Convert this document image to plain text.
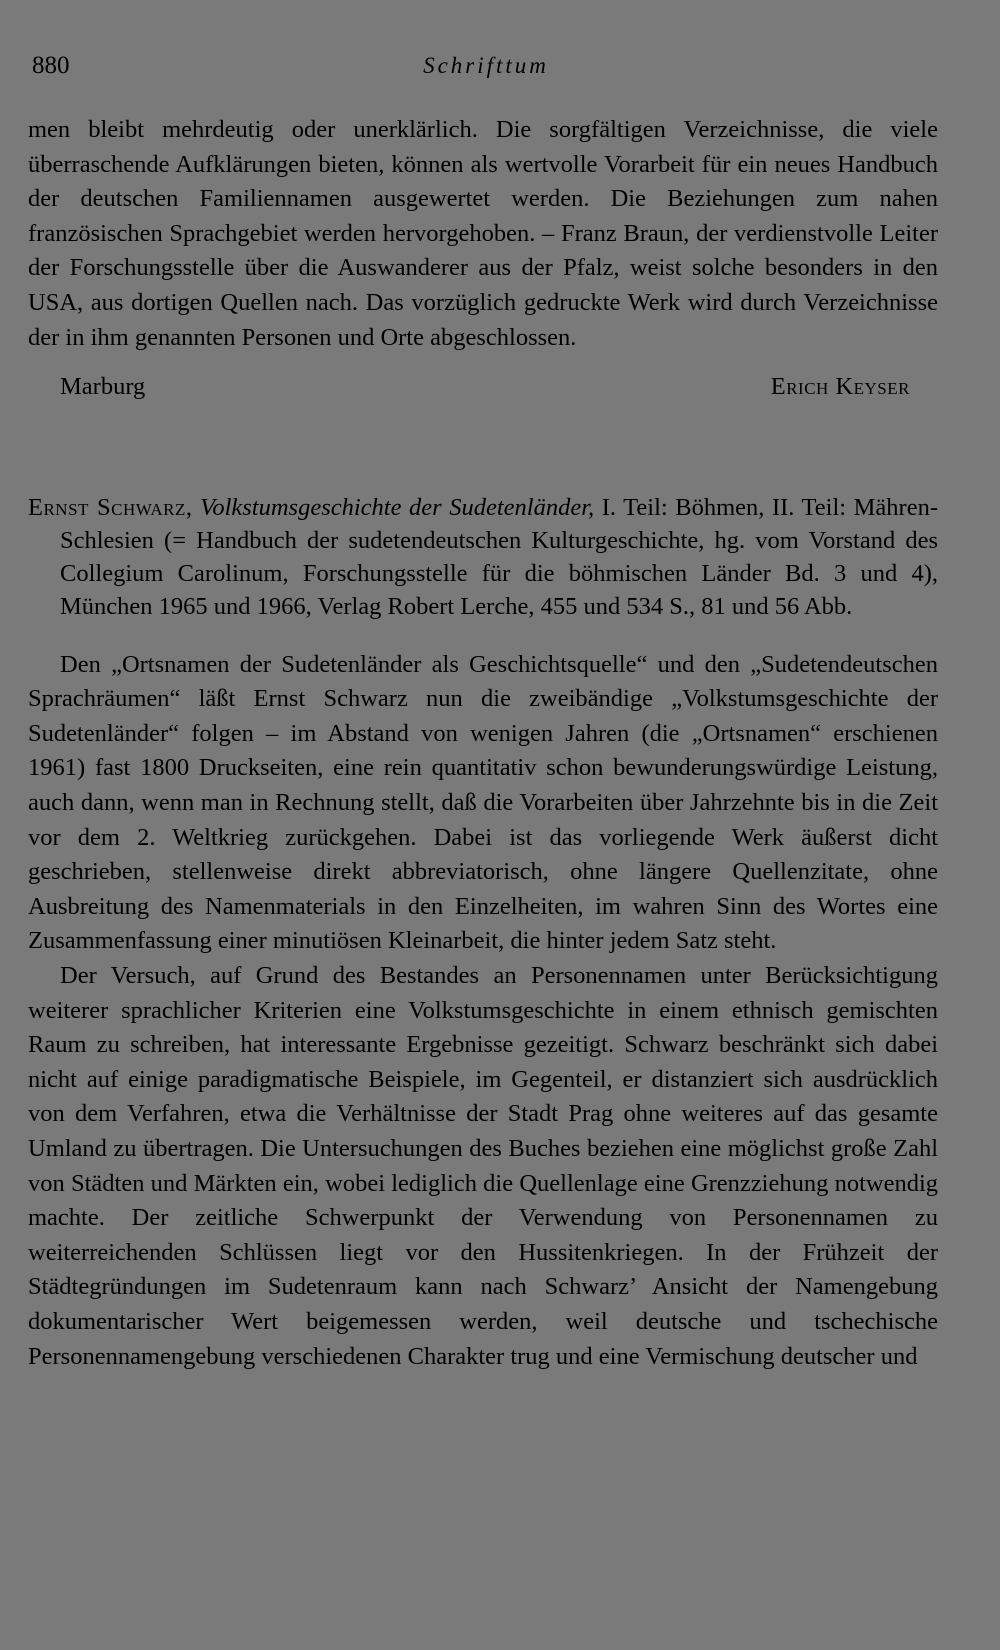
880	Schrifttum

men bleibt mehrdeutig oder unerklärlich. Die sorgfältigen Verzeichnisse, die viele überraschende Aufklärungen bieten, können als wertvolle Vorarbeit für ein neues Handbuch der deutschen Familiennamen ausgewertet werden. Die Beziehungen zum nahen französischen Sprachgebiet werden hervorgehoben. – Franz Braun, der verdienstvolle Leiter der Forschungsstelle über die Auswanderer aus der Pfalz, weist solche besonders in den USA, aus dortigen Quellen nach. Das vorzüglich gedruckte Werk wird durch Verzeichnisse der in ihm genannten Personen und Orte abgeschlossen.

Marburg	Erich Keyser

Ernst Schwarz, Volkstumsgeschichte der Sudetenländer, I. Teil: Böhmen, II. Teil: Mähren-Schlesien (= Handbuch der sudetendeutschen Kulturgeschichte, hg. vom Vorstand des Collegium Carolinum, Forschungsstelle für die böhmischen Länder Bd. 3 und 4), München 1965 und 1966, Verlag Robert Lerche, 455 und 534 S., 81 und 56 Abb.

Den „Ortsnamen der Sudetenländer als Geschichtsquelle“ und den „Sudetendeutschen Sprachräumen“ läßt Ernst Schwarz nun die zweibändige „Volkstumsgeschichte der Sudetenländer“ folgen – im Abstand von wenigen Jahren (die „Ortsnamen“ erschienen 1961) fast 1800 Druckseiten, eine rein quantitativ schon bewunderungswürdige Leistung, auch dann, wenn man in Rechnung stellt, daß die Vorarbeiten über Jahrzehnte bis in die Zeit vor dem 2. Weltkrieg zurückgehen. Dabei ist das vorliegende Werk äußerst dicht geschrieben, stellenweise direkt abbreviatorisch, ohne längere Quellenzitate, ohne Ausbreitung des Namenmaterials in den Einzelheiten, im wahren Sinn des Wortes eine Zusammenfassung einer minutiösen Kleinarbeit, die hinter jedem Satz steht.

Der Versuch, auf Grund des Bestandes an Personennamen unter Berücksichtigung weiterer sprachlicher Kriterien eine Volkstumsgeschichte in einem ethnisch gemischten Raum zu schreiben, hat interessante Ergebnisse gezeitigt. Schwarz beschränkt sich dabei nicht auf einige paradigmatische Beispiele, im Gegenteil, er distanziert sich ausdrücklich von dem Verfahren, etwa die Verhältnisse der Stadt Prag ohne weiteres auf das gesamte Umland zu übertragen. Die Untersuchungen des Buches beziehen eine möglichst große Zahl von Städten und Märkten ein, wobei lediglich die Quellenlage eine Grenzziehung notwendig machte. Der zeitliche Schwerpunkt der Verwendung von Personennamen zu weiterreichenden Schlüssen liegt vor den Hussitenkriegen. In der Frühzeit der Städtegründungen im Sudetenraum kann nach Schwarz’ Ansicht der Namengebung dokumentarischer Wert beigemessen werden, weil deutsche und tschechische Personennamengebung verschiedenen Charakter trug und eine Vermischung deutscher und
